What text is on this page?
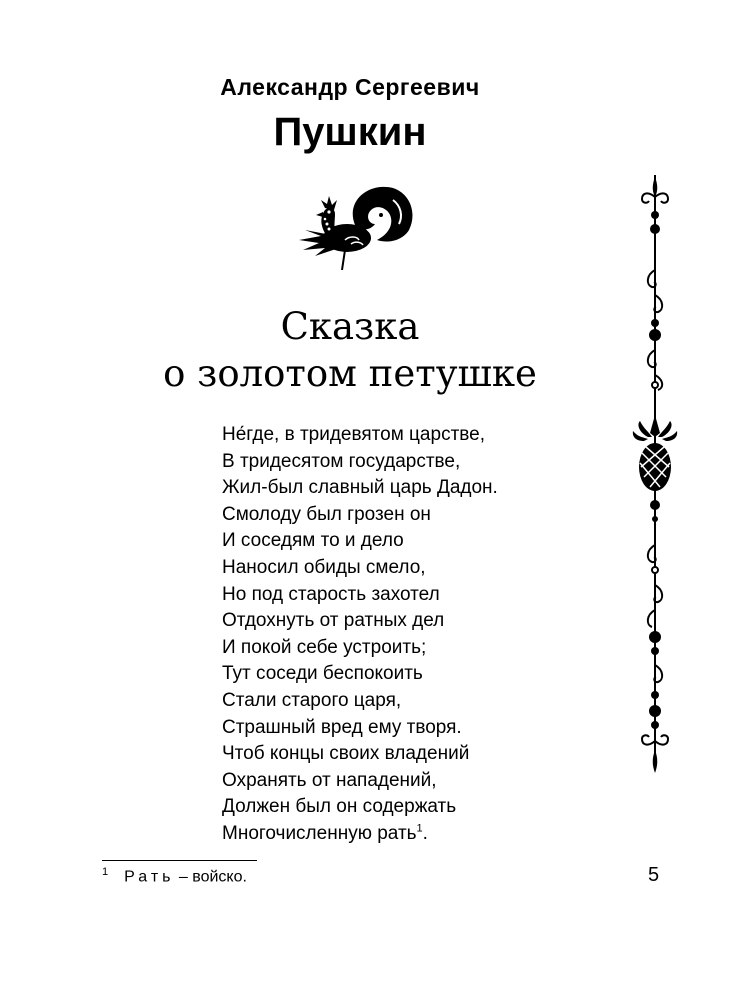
Александр Сергеевич
Пушкин
Сказка
о золотом петушке
Не́где, в тридевятом царстве,
В тридесятом государстве,
Жил-был славный царь Дадон.
Смолоду был грозен он
И соседям то и дело
Наносил обиды смело,
Но под старость захотел
Отдохнуть от ратных дел
И покой себе устроить;
Тут соседи беспокоить
Стали старого царя,
Страшный вред ему творя.
Чтоб концы своих владений
Охранять от нападений,
Должен был он содержать
Многочисленную рать$^1$.
$^1$ Рать – войско.	5
